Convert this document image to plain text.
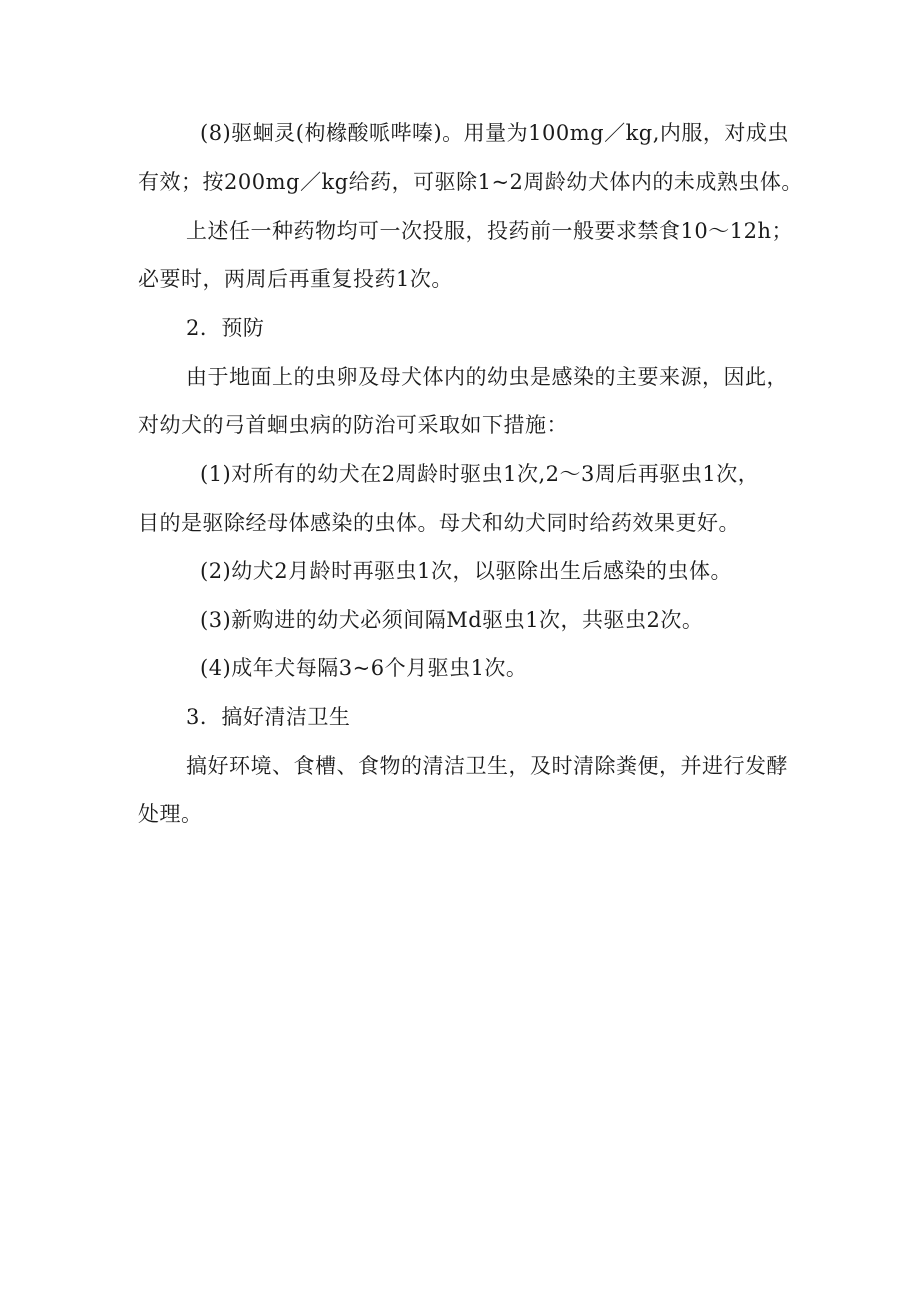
(8)驱蛔灵(枸橼酸哌哔嗪)。用量为100mg／kg,内服，对成虫
有效；按200mg／kg给药，可驱除1~2周龄幼犬体内的未成熟虫体。
上述任一种药物均可一次投服，投药前一般要求禁食10～12h；
必要时，两周后再重复投药1次。
2．预防
由于地面上的虫卵及母犬体内的幼虫是感染的主要来源，因此，
对幼犬的弓首蛔虫病的防治可采取如下措施：
(1)对所有的幼犬在2周龄时驱虫1次,2～3周后再驱虫1次，
目的是驱除经母体感染的虫体。母犬和幼犬同时给药效果更好。
(2)幼犬2月龄时再驱虫1次，以驱除出生后感染的虫体。
(3)新购进的幼犬必须间隔Md驱虫1次，共驱虫2次。
(4)成年犬每隔3~6个月驱虫1次。
3．搞好清洁卫生
搞好环境、食槽、食物的清洁卫生，及时清除粪便，并进行发酵
处理。
